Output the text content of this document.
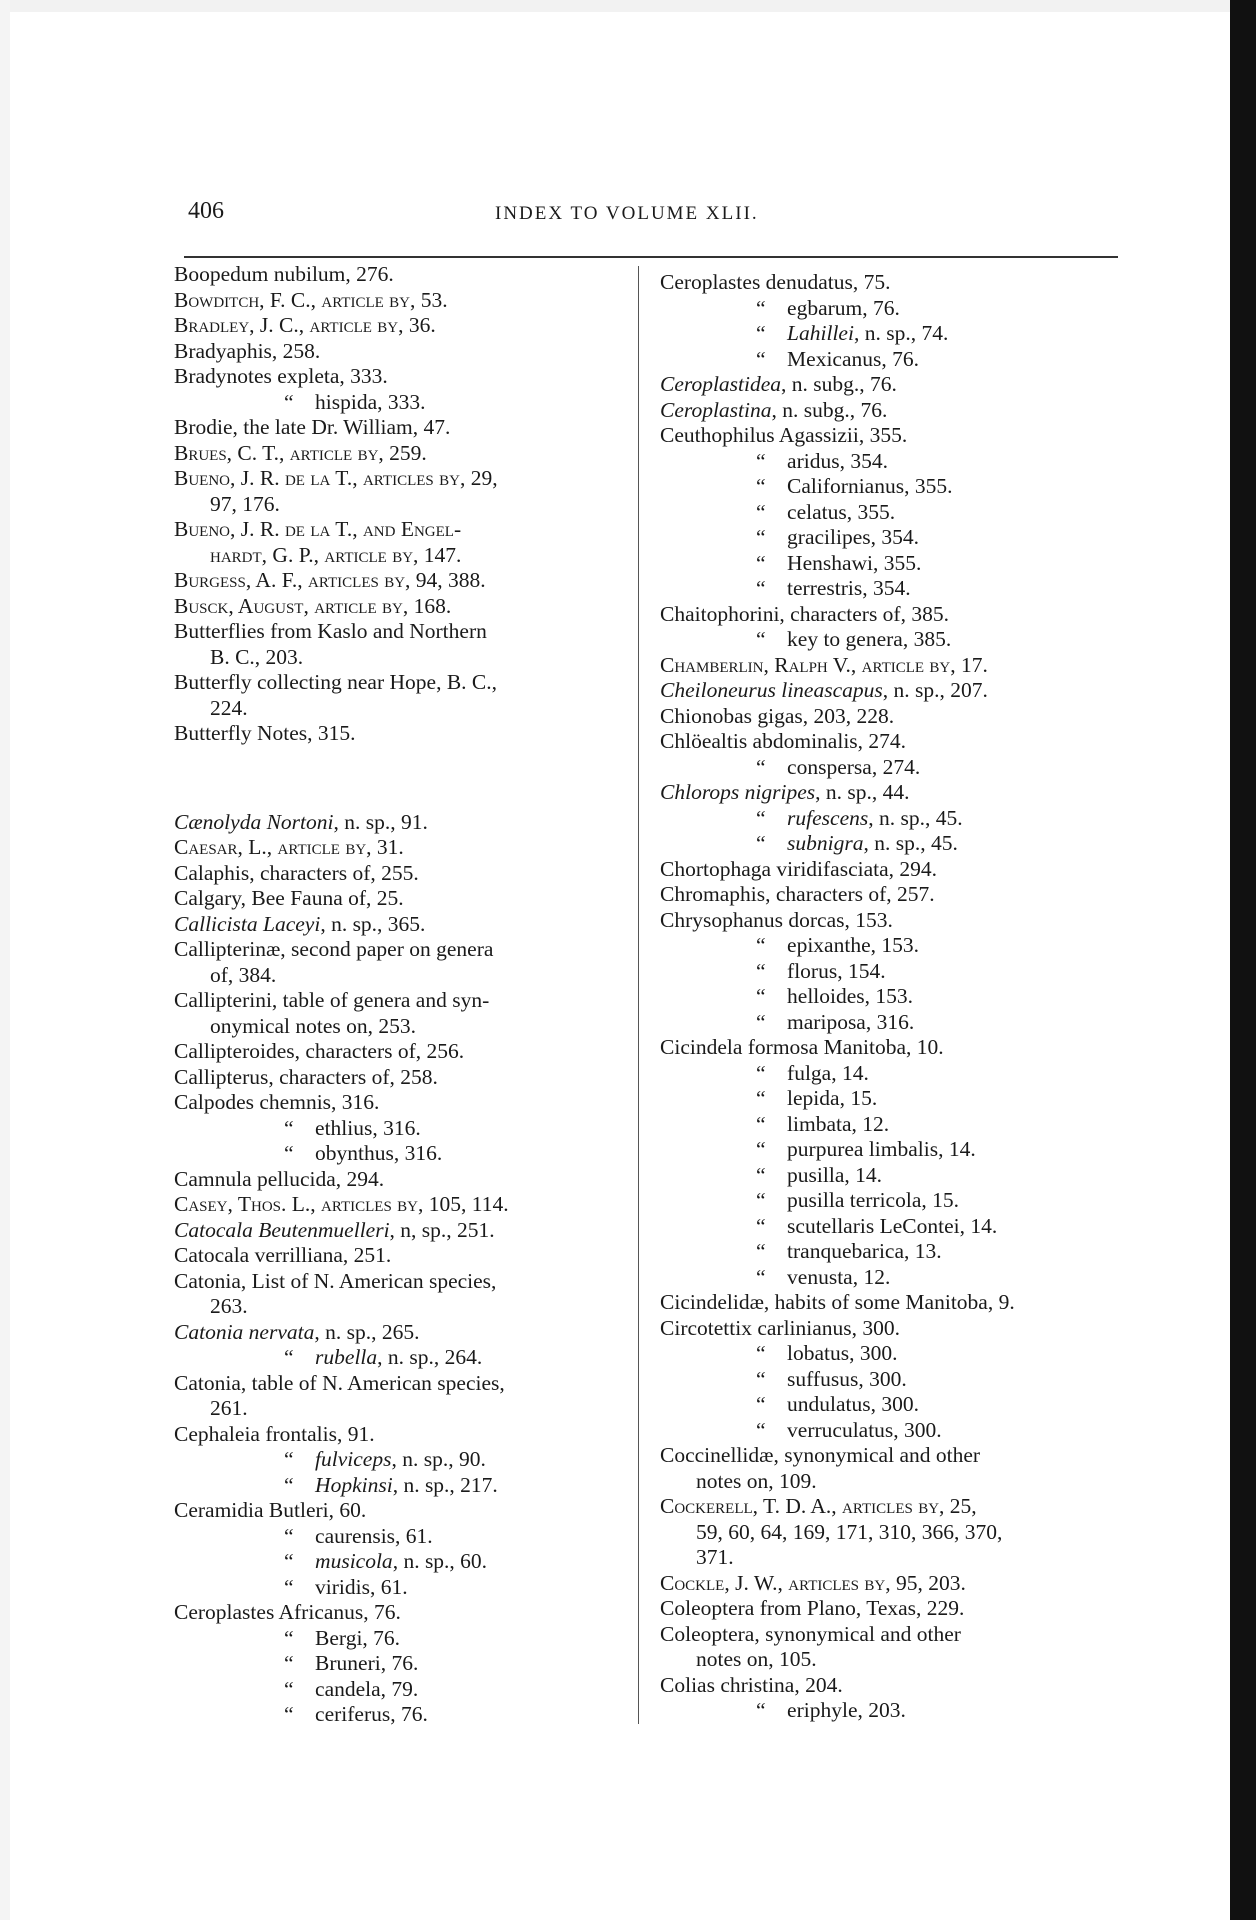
406	INDEX TO VOLUME XLII.
Boopedum nubilum, 276.
Bowditch, F. C., article by, 53.
Bradley, J. C., article by, 36.
Bradyaphis, 258.
Bradynotes expleta, 333.
“    hispida, 333.
Brodie, the late Dr. William, 47.
Brues, C. T., article by, 259.
Bueno, J. R. de la T., articles by, 29,
97, 176.
Bueno, J. R. de la T., and Engel-
hardt, G. P., article by, 147.
Burgess, A. F., articles by, 94, 388.
Busck, August, article by, 168.
Butterflies from Kaslo and Northern
B. C., 203.
Butterfly collecting near Hope, B. C.,
224.
Butterfly Notes, 315.
Cænolyda Nortoni, n. sp., 91.
Caesar, L., article by, 31.
Calaphis, characters of, 255.
Calgary, Bee Fauna of, 25.
Callicista Laceyi, n. sp., 365.
Callipterinæ, second paper on genera
of, 384.
Callipterini, table of genera and syn-
onymical notes on, 253.
Callipteroides, characters of, 256.
Callipterus, characters of, 258.
Calpodes chemnis, 316.
“    ethlius, 316.
“    obynthus, 316.
Camnula pellucida, 294.
Casey, Thos. L., articles by, 105, 114.
Catocala Beutenmuelleri, n, sp., 251.
Catocala verrilliana, 251.
Catonia, List of N. American species,
263.
Catonia nervata, n. sp., 265.
“    rubella, n. sp., 264.
Catonia, table of N. American species,
261.
Cephaleia frontalis, 91.
“    fulviceps, n. sp., 90.
“    Hopkinsi, n. sp., 217.
Ceramidia Butleri, 60.
“    caurensis, 61.
“    musicola, n. sp., 60.
“    viridis, 61.
Ceroplastes Africanus, 76.
“    Bergi, 76.
“    Bruneri, 76.
“    candela, 79.
“    ceriferus, 76.
Ceroplastes denudatus, 75.
“    egbarum, 76.
“    Lahillei, n. sp., 74.
“    Mexicanus, 76.
Ceroplastidea, n. subg., 76.
Ceroplastina, n. subg., 76.
Ceuthophilus Agassizii, 355.
“    aridus, 354.
“    Californianus, 355.
“    celatus, 355.
“    gracilipes, 354.
“    Henshawi, 355.
“    terrestris, 354.
Chaitophorini, characters of, 385.
“    key to genera, 385.
Chamberlin, Ralph V., article by, 17.
Cheiloneurus lineascapus, n. sp., 207.
Chionobas gigas, 203, 228.
Chlöealtis abdominalis, 274.
“    conspersa, 274.
Chlorops nigripes, n. sp., 44.
“    rufescens, n. sp., 45.
“    subnigra, n. sp., 45.
Chortophaga viridifasciata, 294.
Chromaphis, characters of, 257.
Chrysophanus dorcas, 153.
“    epixanthe, 153.
“    florus, 154.
“    helloides, 153.
“    mariposa, 316.
Cicindela formosa Manitoba, 10.
“    fulga, 14.
“    lepida, 15.
“    limbata, 12.
“    purpurea limbalis, 14.
“    pusilla, 14.
“    pusilla terricola, 15.
“    scutellaris LeContei, 14.
“    tranquebarica, 13.
“    venusta, 12.
Cicindelidæ, habits of some Manitoba, 9.
Circotettix carlinianus, 300.
“    lobatus, 300.
“    suffusus, 300.
“    undulatus, 300.
“    verruculatus, 300.
Coccinellidæ, synonymical and other
notes on, 109.
Cockerell, T. D. A., articles by, 25,
59, 60, 64, 169, 171, 310, 366, 370,
371.
Cockle, J. W., articles by, 95, 203.
Coleoptera from Plano, Texas, 229.
Coleoptera, synonymical and other
notes on, 105.
Colias christina, 204.
“    eriphyle, 203.
